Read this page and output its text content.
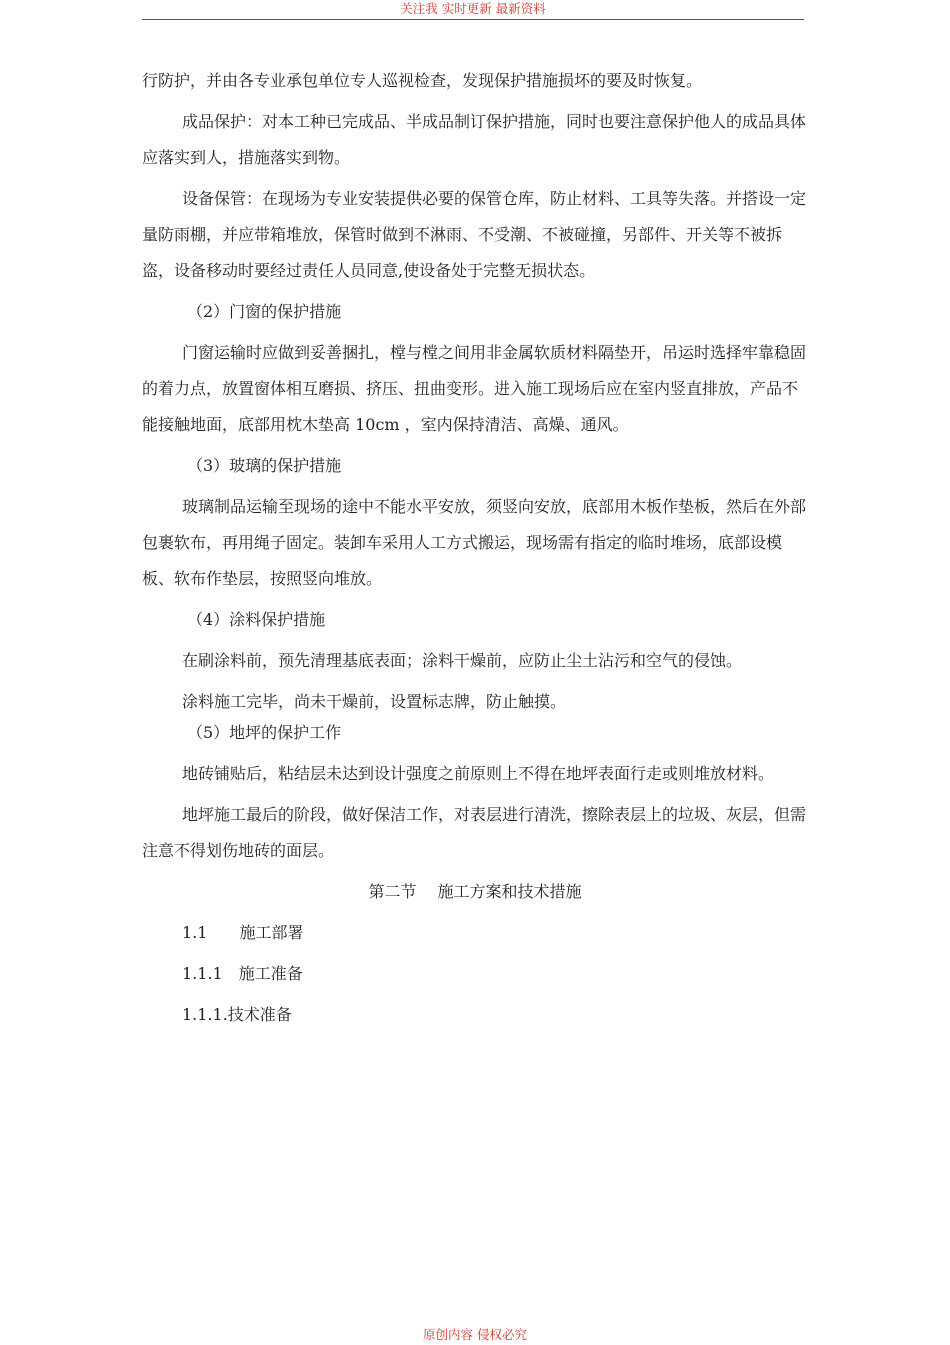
关注我 实时更新 最新资料

行防护，并由各专业承包单位专人巡视检查，发现保护措施损坏的要及时恢复。

成品保护：对本工种已完成品、半成品制订保护措施，同时也要注意保护他人的成品具体应落实到人，措施落实到物。

设备保管：在现场为专业安装提供必要的保管仓库，防止材料、工具等失落。并搭设一定量防雨棚，并应带箱堆放，保管时做到不淋雨、不受潮、不被碰撞，另部件、开关等不被拆盗，设备移动时要经过责任人员同意,使设备处于完整无损状态。

（2）门窗的保护措施

门窗运输时应做到妥善捆扎，樘与樘之间用非金属软质材料隔垫开，吊运时选择牢靠稳固的着力点，放置窗体相互磨损、挤压、扭曲变形。进入施工现场后应在室内竖直排放，产品不能接触地面，底部用枕木垫高 10cm ，室内保持清洁、高燥、通风。

（3）玻璃的保护措施

玻璃制品运输至现场的途中不能水平安放，须竖向安放，底部用木板作垫板，然后在外部包裹软布，再用绳子固定。装卸车采用人工方式搬运，现场需有指定的临时堆场，底部设模板、软布作垫层，按照竖向堆放。

（4）涂料保护措施

在刷涂料前，预先清理基底表面；涂料干燥前，应防止尘土沾污和空气的侵蚀。

涂料施工完毕，尚未干燥前，设置标志牌，防止触摸。

（5）地坪的保护工作

地砖铺贴后，粘结层未达到设计强度之前原则上不得在地坪表面行走或则堆放材料。

地坪施工最后的阶段，做好保洁工作，对表层进行清洗，擦除表层上的垃圾、灰层，但需注意不得划伤地砖的面层。

第二节　 施工方案和技术措施

1.1　　施工部署

1.1.1　施工准备

1.1.1.技术准备

原创内容 侵权必究
